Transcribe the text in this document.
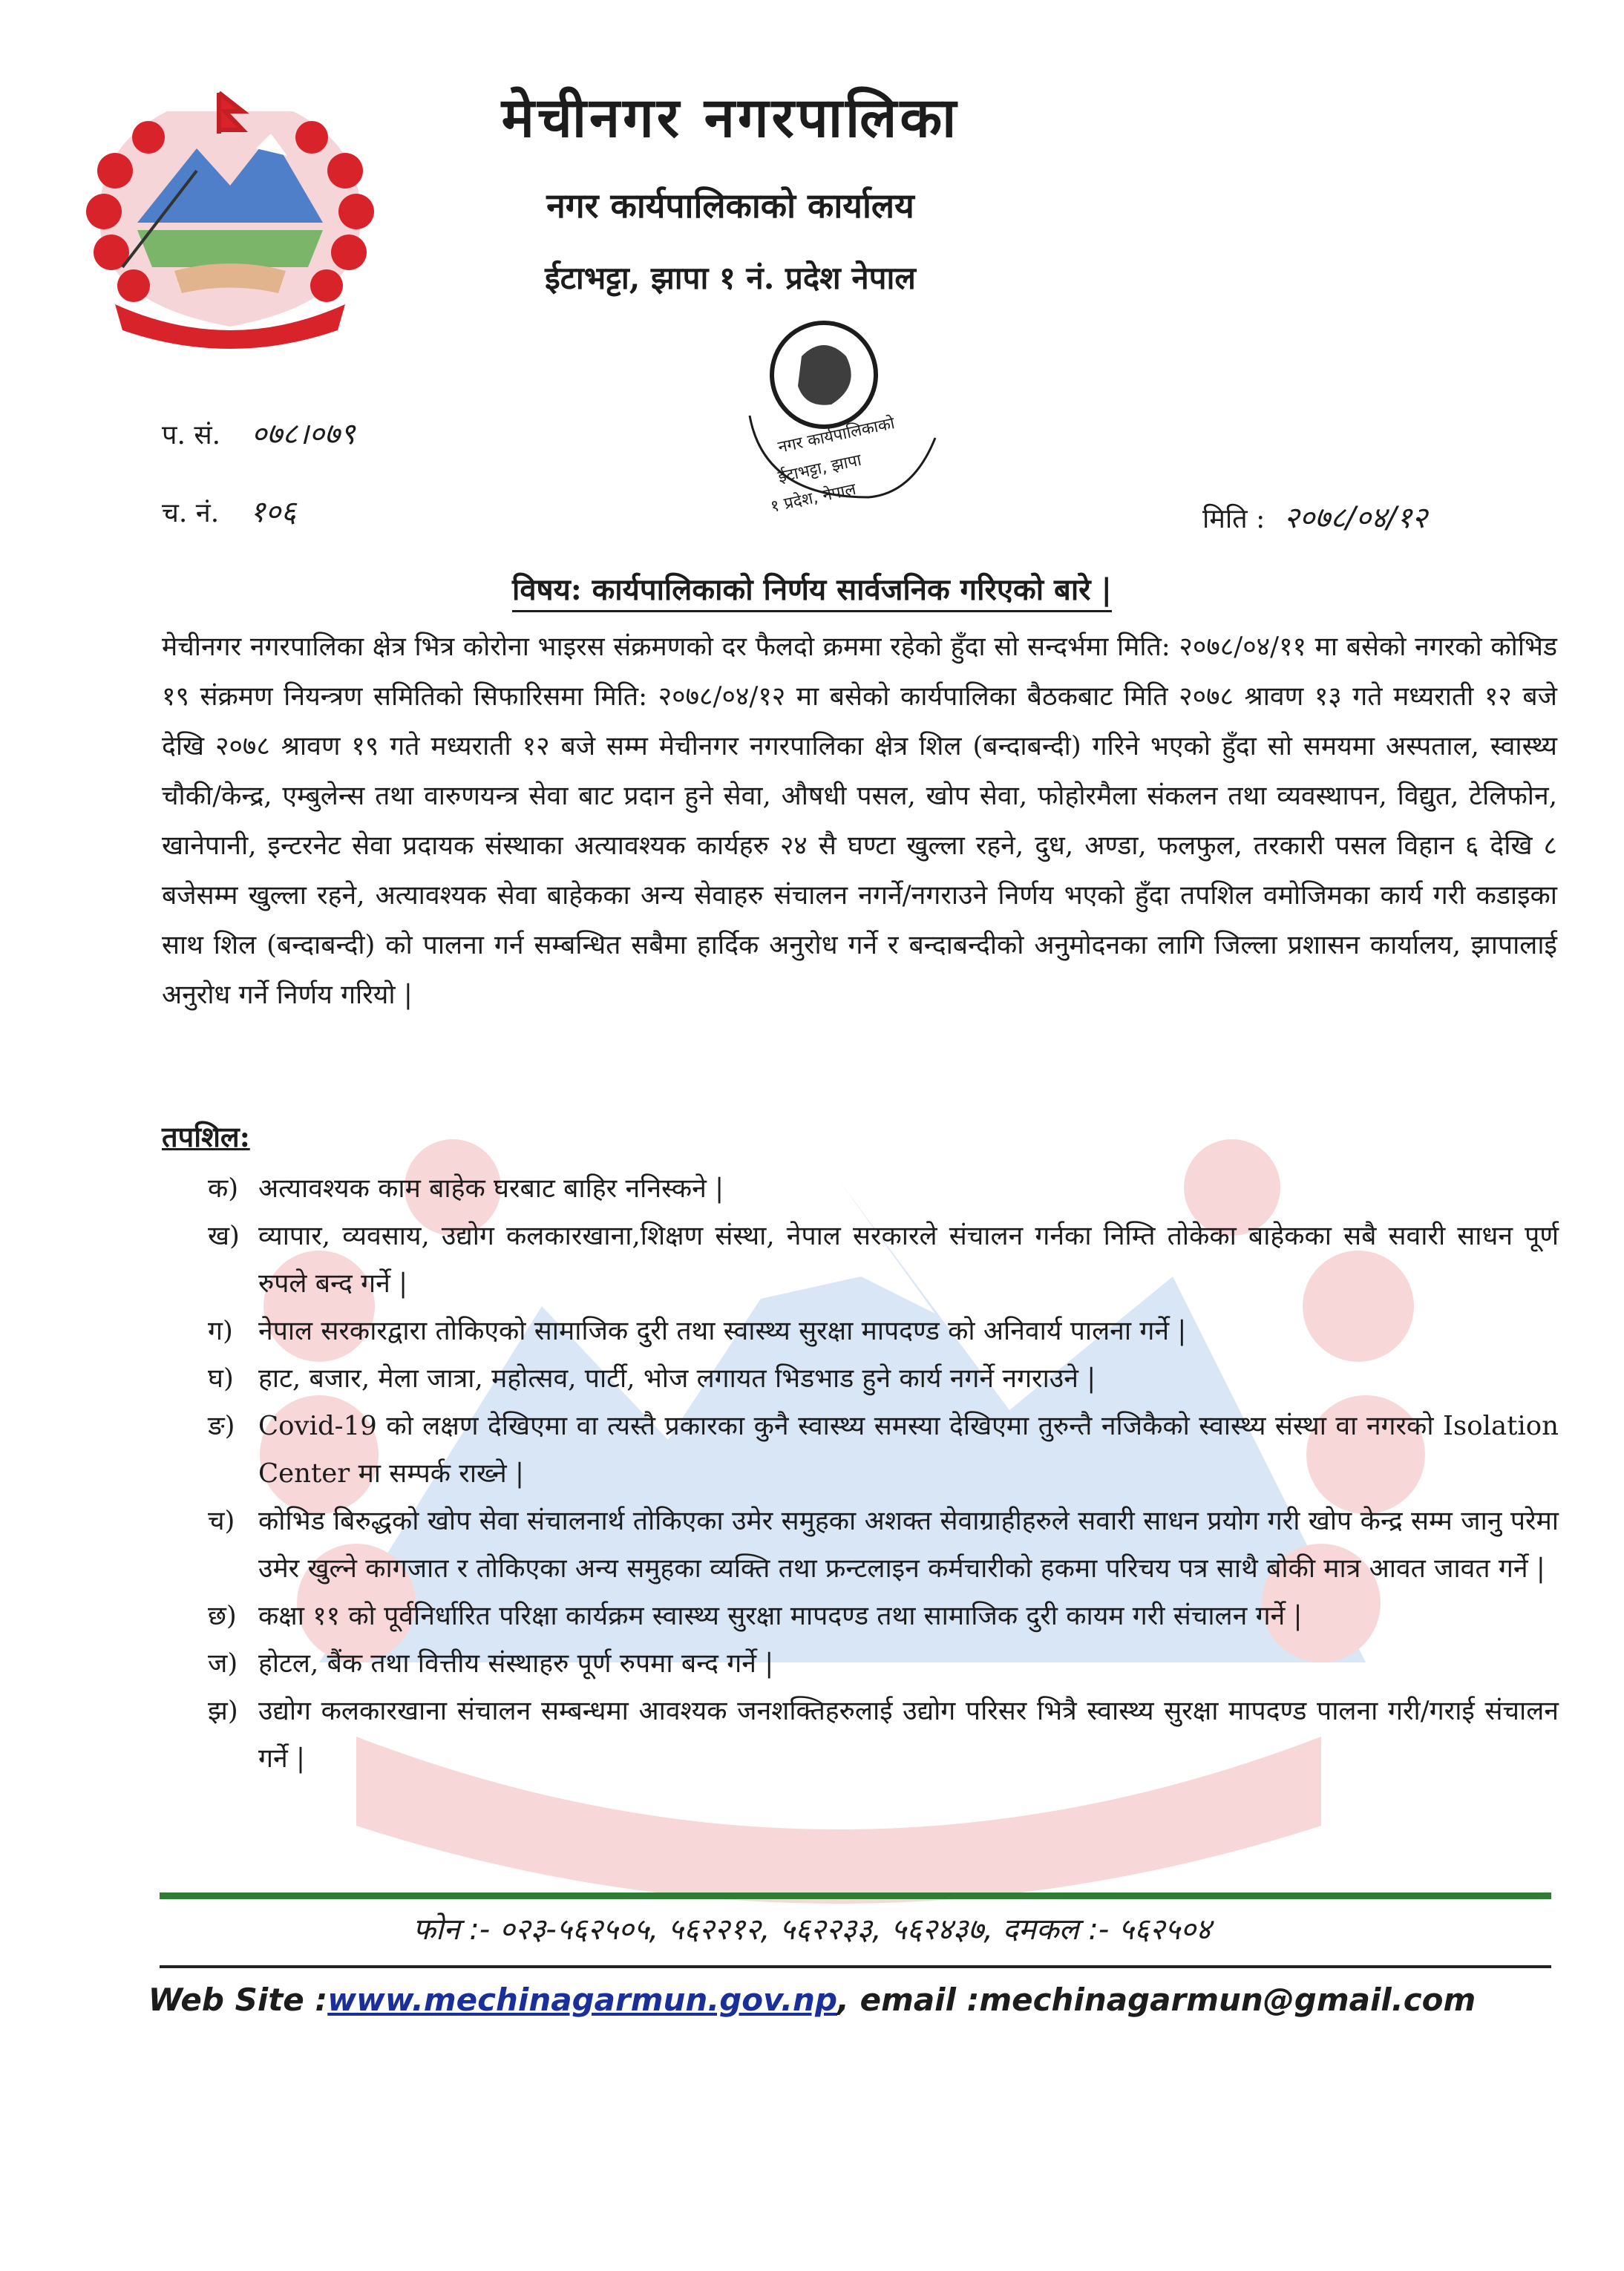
मेचीनगर नगरपालिका
नगर कार्यपालिकाको कार्यालय
ईटाभट्टा, झापा १ नं. प्रदेश नेपाल
नगर कार्यपालिकाको
ईटाभट्टा, झापा
१ प्रदेश, नेपाल
प. सं. ०७८।०७९
च. नं. १०६	मिति : २०७८/०४/१२
विषय: कार्यपालिकाको निर्णय सार्वजनिक गरिएको बारे |
मेचीनगर नगरपालिका क्षेत्र भित्र कोरोना भाइरस संक्रमणको दर फैलदो क्रममा रहेको हुँदा सो सन्दर्भमा मिति: २०७८/०४/११ मा बसेको नगरको कोभिड १९ संक्रमण नियन्त्रण समितिको सिफारिसमा मिति: २०७८/०४/१२ मा बसेको कार्यपालिका बैठकबाट मिति २०७८ श्रावण १३ गते मध्यराती १२ बजे देखि २०७८ श्रावण १९ गते मध्यराती १२ बजे सम्म मेचीनगर नगरपालिका क्षेत्र शिल (बन्दाबन्दी) गरिने भएको हुँदा सो समयमा अस्पताल, स्वास्थ्य चौकी/केन्द्र, एम्बुलेन्स तथा वारुणयन्त्र सेवा बाट प्रदान हुने सेवा, औषधी पसल, खोप सेवा, फोहोरमैला संकलन तथा व्यवस्थापन, विद्युत, टेलिफोन, खानेपानी, इन्टरनेट सेवा प्रदायक संस्थाका अत्यावश्यक कार्यहरु २४ सै घण्टा खुल्ला रहने, दुध, अण्डा, फलफुल, तरकारी पसल विहान ६ देखि ८ बजेसम्म खुल्ला रहने, अत्यावश्यक सेवा बाहेकका अन्य सेवाहरु संचालन नगर्ने/नगराउने निर्णय भएको हुँदा तपशिल वमोजिमका कार्य गरी कडाइका साथ शिल (बन्दाबन्दी) को पालना गर्न सम्बन्धित सबैमा हार्दिक अनुरोध गर्ने र बन्दाबन्दीको अनुमोदनका लागि जिल्ला प्रशासन कार्यालय, झापालाई अनुरोध गर्ने निर्णय गरियो |
तपशिल:
क) अत्यावश्यक काम बाहेक घरबाट बाहिर ननिस्कने |
ख) व्यापार, व्यवसाय, उद्योग कलकारखाना,शिक्षण संस्था, नेपाल सरकारले संचालन गर्नका निम्ति तोकेका बाहेकका सबै सवारी साधन पूर्ण रुपले बन्द गर्ने |
ग) नेपाल सरकारद्वारा तोकिएको सामाजिक दुरी तथा स्वास्थ्य सुरक्षा मापदण्ड को अनिवार्य पालना गर्ने |
घ) हाट, बजार, मेला जात्रा, महोत्सव, पार्टी, भोज लगायत भिडभाड हुने कार्य नगर्ने नगराउने |
ङ) Covid-19 को लक्षण देखिएमा वा त्यस्तै प्रकारका कुनै स्वास्थ्य समस्या देखिएमा तुरुन्तै नजिकैको स्वास्थ्य संस्था वा नगरको Isolation Center मा सम्पर्क राख्ने |
च) कोभिड बिरुद्धको खोप सेवा संचालनार्थ तोकिएका उमेर समुहका अशक्त सेवाग्राहीहरुले सवारी साधन प्रयोग गरी खोप केन्द्र सम्म जानु परेमा उमेर खुल्ने कागजात र तोकिएका अन्य समुहका व्यक्ति तथा फ्रन्टलाइन कर्मचारीको हकमा परिचय पत्र साथै बोकी मात्र आवत जावत गर्ने |
छ) कक्षा ११ को पूर्वनिर्धारित परिक्षा कार्यक्रम स्वास्थ्य सुरक्षा मापदण्ड तथा सामाजिक दुरी कायम गरी संचालन गर्ने |
ज) होटल, बैंक तथा वित्तीय संस्थाहरु पूर्ण रुपमा बन्द गर्ने |
झ) उद्योग कलकारखाना संचालन सम्बन्धमा आवश्यक जनशक्तिहरुलाई उद्योग परिसर भित्रै स्वास्थ्य सुरक्षा मापदण्ड पालना गरी/गराई संचालन गर्ने |
फोन :- ०२३-५६२५०५, ५६२२१२, ५६२२३३, ५६२४३७, दमकल :- ५६२५०४
Web Site :www.mechinagarmun.gov.np, email :mechinagarmun@gmail.com
